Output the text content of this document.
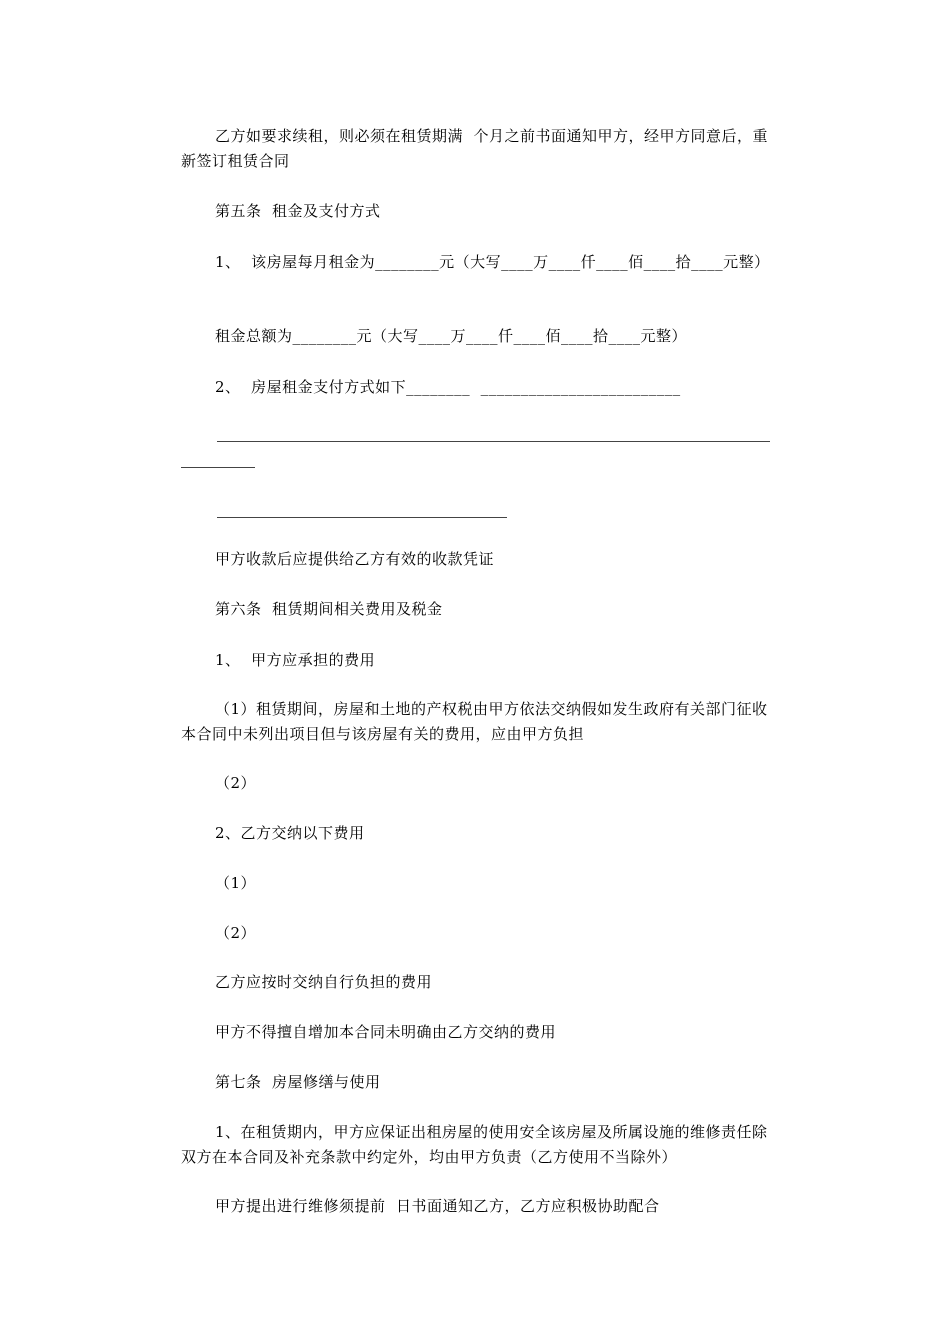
乙方如要求续租，则必须在租赁期满  个月之前书面通知甲方，经甲方同意后，重新签订租赁合同
第五条  租金及支付方式
1、  该房屋每月租金为________元（大写____万____仟____佰____拾____元整）
租金总额为________元（大写____万____仟____佰____拾____元整）
2、  房屋租金支付方式如下________  _________________________
甲方收款后应提供给乙方有效的收款凭证
第六条  租赁期间相关费用及税金
1、  甲方应承担的费用
（1）租赁期间，房屋和土地的产权税由甲方依法交纳假如发生政府有关部门征收本合同中未列出项目但与该房屋有关的费用，应由甲方负担
（2）
2、乙方交纳以下费用
（1）
（2）
乙方应按时交纳自行负担的费用
甲方不得擅自增加本合同未明确由乙方交纳的费用
第七条  房屋修缮与使用
1、在租赁期内，甲方应保证出租房屋的使用安全该房屋及所属设施的维修责任除双方在本合同及补充条款中约定外，均由甲方负责（乙方使用不当除外）
甲方提出进行维修须提前  日书面通知乙方，乙方应积极协助配合
